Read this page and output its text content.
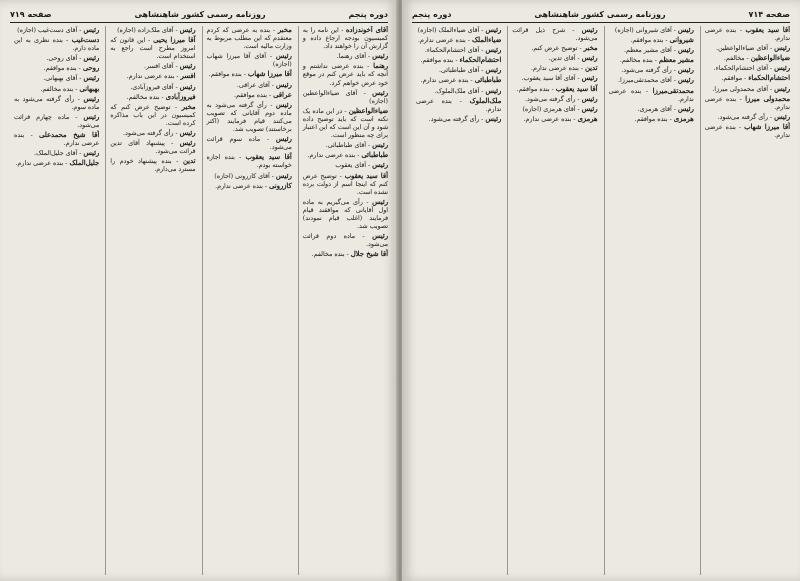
دوره پنجم
روزنامه رسمی کشور شاهنشاهی
صفحه ۷۱۹

آقای آخوندزاده - این نامه را به کمیسیون بودجه ارجاع داده و گزارش آن را خواهند داد.

رئیس - آقای رهنما.

رهنما - بنده عرضی نداشتم و آنچه که باید عرض کنم در موقع خود عرض خواهم کرد.

رئیس - آقای ضیاءالواعظین (اجازه)

ضیاءالواعظین - در این ماده یک نکته است که باید توضیح داده شود و آن این است که این اعتبار برای چه منظور است.

رئیس - آقای طباطبائی.

طباطبائی - بنده عرضی ندارم.

رئیس - آقای یعقوب

آقا سید یعقوب - توضیح عرض کنم که اینجا اسم از دولت برده نشده است.

رئیس - رأی می‌گیریم به ماده اول آقایانی که موافقند قیام فرمایند (اغلب قیام نمودند) تصویب شد.

رئیس - ماده دوم قرائت می‌شود.

آقا شیخ جلال - بنده مخالفم.

مخبر - بنده به عرضی که کردم معتقدم که این مطلب مربوط به وزارت مالیه است.

رئیس - آقای آقا میرزا شهاب (اجازه)

آقا میرزا شهاب - بنده موافقم.

رئیس - آقای عراقی.

عراقی - بنده موافقم.

رئیس - رأی گرفته می‌شود به ماده دوم آقایانی که تصویب می‌کنند قیام فرمایند (اکثر برخاستند) تصویب شد.

رئیس - ماده سوم قرائت می‌شود.

آقا سید یعقوب - بنده اجازه خواسته بودم.

رئیس - آقای کازرونی (اجازه)

کازرونی - بنده عرضی ندارم.

رئیس - آقای ملک‌زاده (اجازه)

آقا میرزا یحیی - این قانون که امروز مطرح است راجع به استخدام است.

رئیس - آقای افسر.

افسر - بنده عرضی ندارم.

رئیس - آقای فیروزآبادی.

فیروزآبادی - بنده مخالفم.

مخبر - توضیح عرض کنم که کمیسیون در این باب مذاکره کرده است.

رئیس - رأی گرفته می‌شود.

رئیس - پیشنهاد آقای تدین قرائت می‌شود.

تدین - بنده پیشنهاد خودم را مسترد می‌دارم.

رئیس - آقای دست‌غیب (اجازه)

دست‌غیب - بنده نظری به این ماده دارم.

رئیس - آقای روحی.

روحی - بنده موافقم.

رئیس - آقای بهبهانی.

بهبهانی - بنده مخالفم.

رئیس - رأی گرفته می‌شود به ماده سوم.

رئیس - ماده چهارم قرائت می‌شود.

آقا شیخ محمدعلی - بنده عرضی ندارم.

رئیس - آقای جلیل‌الملک.

جلیل‌الملک - بنده عرضی ندارم.

صفحه ۷۱۴
روزنامه رسمی کشور شاهنشاهی
دوره پنجم

آقا سید یعقوب - بنده عرضی ندارم.

رئیس - آقای ضیاءالواعظین.

ضیاءالواعظین - مخالفم.

رئیس - آقای احتشام‌الحکماء.

احتشام‌الحکماء - موافقم.

رئیس - آقای محمدولی میرزا.

محمدولی میرزا - بنده عرضی ندارم.

رئیس - رأی گرفته می‌شود.

آقا میرزا شهاب - بنده عرضی ندارم.

رئیس - آقای شیروانی (اجازه)

شیروانی - بنده موافقم.

رئیس - آقای مشیر معظم.

مشیر معظم - بنده مخالفم.

رئیس - رأی گرفته می‌شود.

رئیس - آقای محمدتقی‌میرزا.

محمدتقی‌میرزا - بنده عرضی ندارم.

رئیس - آقای هرمزی.

هرمزی - بنده موافقم.

رئیس - شرح ذیل قرائت می‌شود.

مخبر - توضیح عرض کنم.

رئیس - آقای تدین.

تدین - بنده عرضی ندارم.

رئیس - آقای آقا سید یعقوب.

آقا سید یعقوب - بنده موافقم.

رئیس - رأی گرفته می‌شود.

رئیس - آقای هرمزی (اجازه)

هرمزی - بنده عرضی ندارم.

رئیس - آقای ضیاءالملک (اجازه)

ضیاءالملک - بنده عرضی ندارم.

رئیس - آقای احتشام‌الحکماء.

احتشام‌الحکماء - بنده موافقم.

رئیس - آقای طباطبائی.

طباطبائی - بنده عرضی ندارم.

رئیس - آقای ملک‌الملوک.

ملک‌الملوک - بنده عرضی ندارم.

رئیس - رأی گرفته می‌شود.
